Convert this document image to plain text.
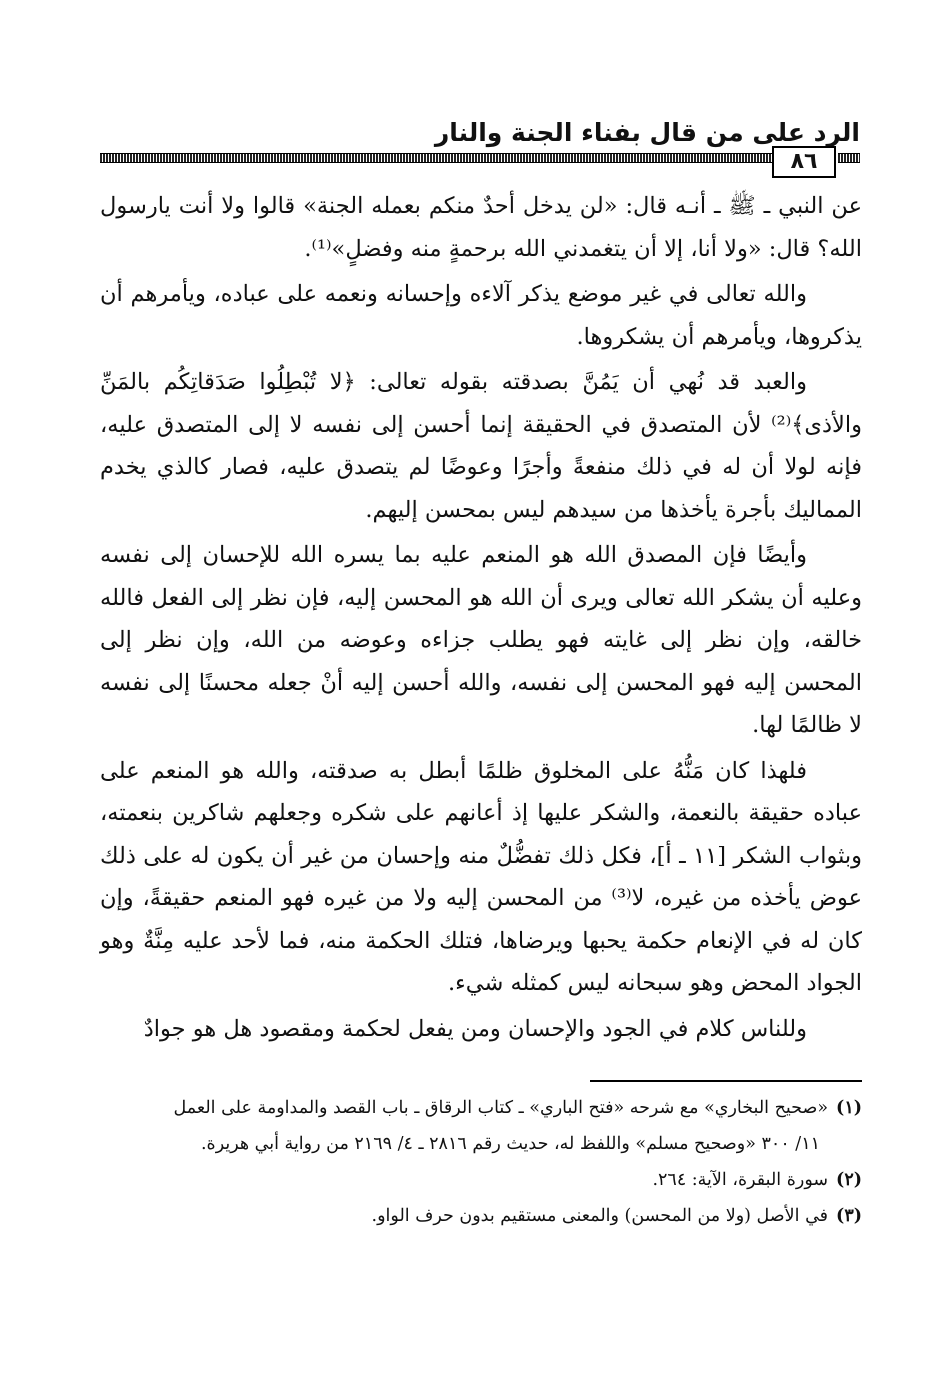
الرد على من قال بفناء الجنة والنار
٨٦

عن النبي ـ ﷺ ـ أنـه قال: «لن يدخل أحدٌ منكم بعمله الجنة» قالوا ولا أنت يارسول الله؟ قال: «ولا أنا، إلا أن يتغمدني الله برحمةٍ منه وفضلٍ»⁽¹⁾.

والله تعالى في غير موضع يذكر آلاءه وإحسانه ونعمه على عباده، ويأمرهم أن يذكروها، ويأمرهم أن يشكروها.

والعبد قد نُهي أن يَمُنَّ بصدقته بقوله تعالى: ﴿لا تُبْطِلُوا صَدَقاتِكُم بالمَنِّ والأذى﴾⁽²⁾ لأن المتصدق في الحقيقة إنما أحسن إلى نفسه لا إلى المتصدق عليه، فإنه لولا أن له في ذلك منفعةً وأجرًا وعوضًا لم يتصدق عليه، فصار كالذي يخدم المماليك بأجرة يأخذها من سيدهم ليس بمحسن إليهم.

وأيضًا فإن المصدق الله هو المنعم عليه بما يسره الله للإحسان إلى نفسه وعليه أن يشكر الله تعالى ويرى أن الله هو المحسن إليه، فإن نظر إلى الفعل فالله خالقه، وإن نظر إلى غايته فهو يطلب جزاءه وعوضه من الله، وإن نظر إلى المحسن إليه فهو المحسن إلى نفسه، والله أحسن إليه أنْ جعله محسنًا إلى نفسه لا ظالمًا لها.

فلهذا كان مَنُّهُ على المخلوق ظلمًا أبطل به صدقته، والله هو المنعم على عباده حقيقة بالنعمة، والشكر عليها إذ أعانهم على شكره وجعلهم شاكرين بنعمته، وبثواب الشكر [١١ ـ أ]، فكل ذلك تفضُّلٌ منه وإحسان من غير أن يكون له على ذلك عوض يأخذه من غيره، لا⁽³⁾ من المحسن إليه ولا من غيره فهو المنعم حقيقةً، وإن كان له في الإنعام حكمة يحبها ويرضاها، فتلك الحكمة منه، فما لأحد عليه مِنَّةٌ وهو الجواد المحض وهو سبحانه ليس كمثله شيء.

وللناس كلام في الجود والإحسان ومن يفعل لحكمة ومقصود هل هو جوادٌ

(١)«صحيح البخاري» مع شرحه «فتح الباري» ـ كتاب الرقاق ـ باب القصد والمداومة على العمل

١١/ ٣٠٠ «وصحيح مسلم» واللفظ له، حديث رقم ٢٨١٦ ـ ٤/ ٢١٦٩ من رواية أبي هريرة.

(٢)سورة البقرة، الآية: ٢٦٤.

(٣)في الأصل (ولا من المحسن) والمعنى مستقيم بدون حرف الواو.
